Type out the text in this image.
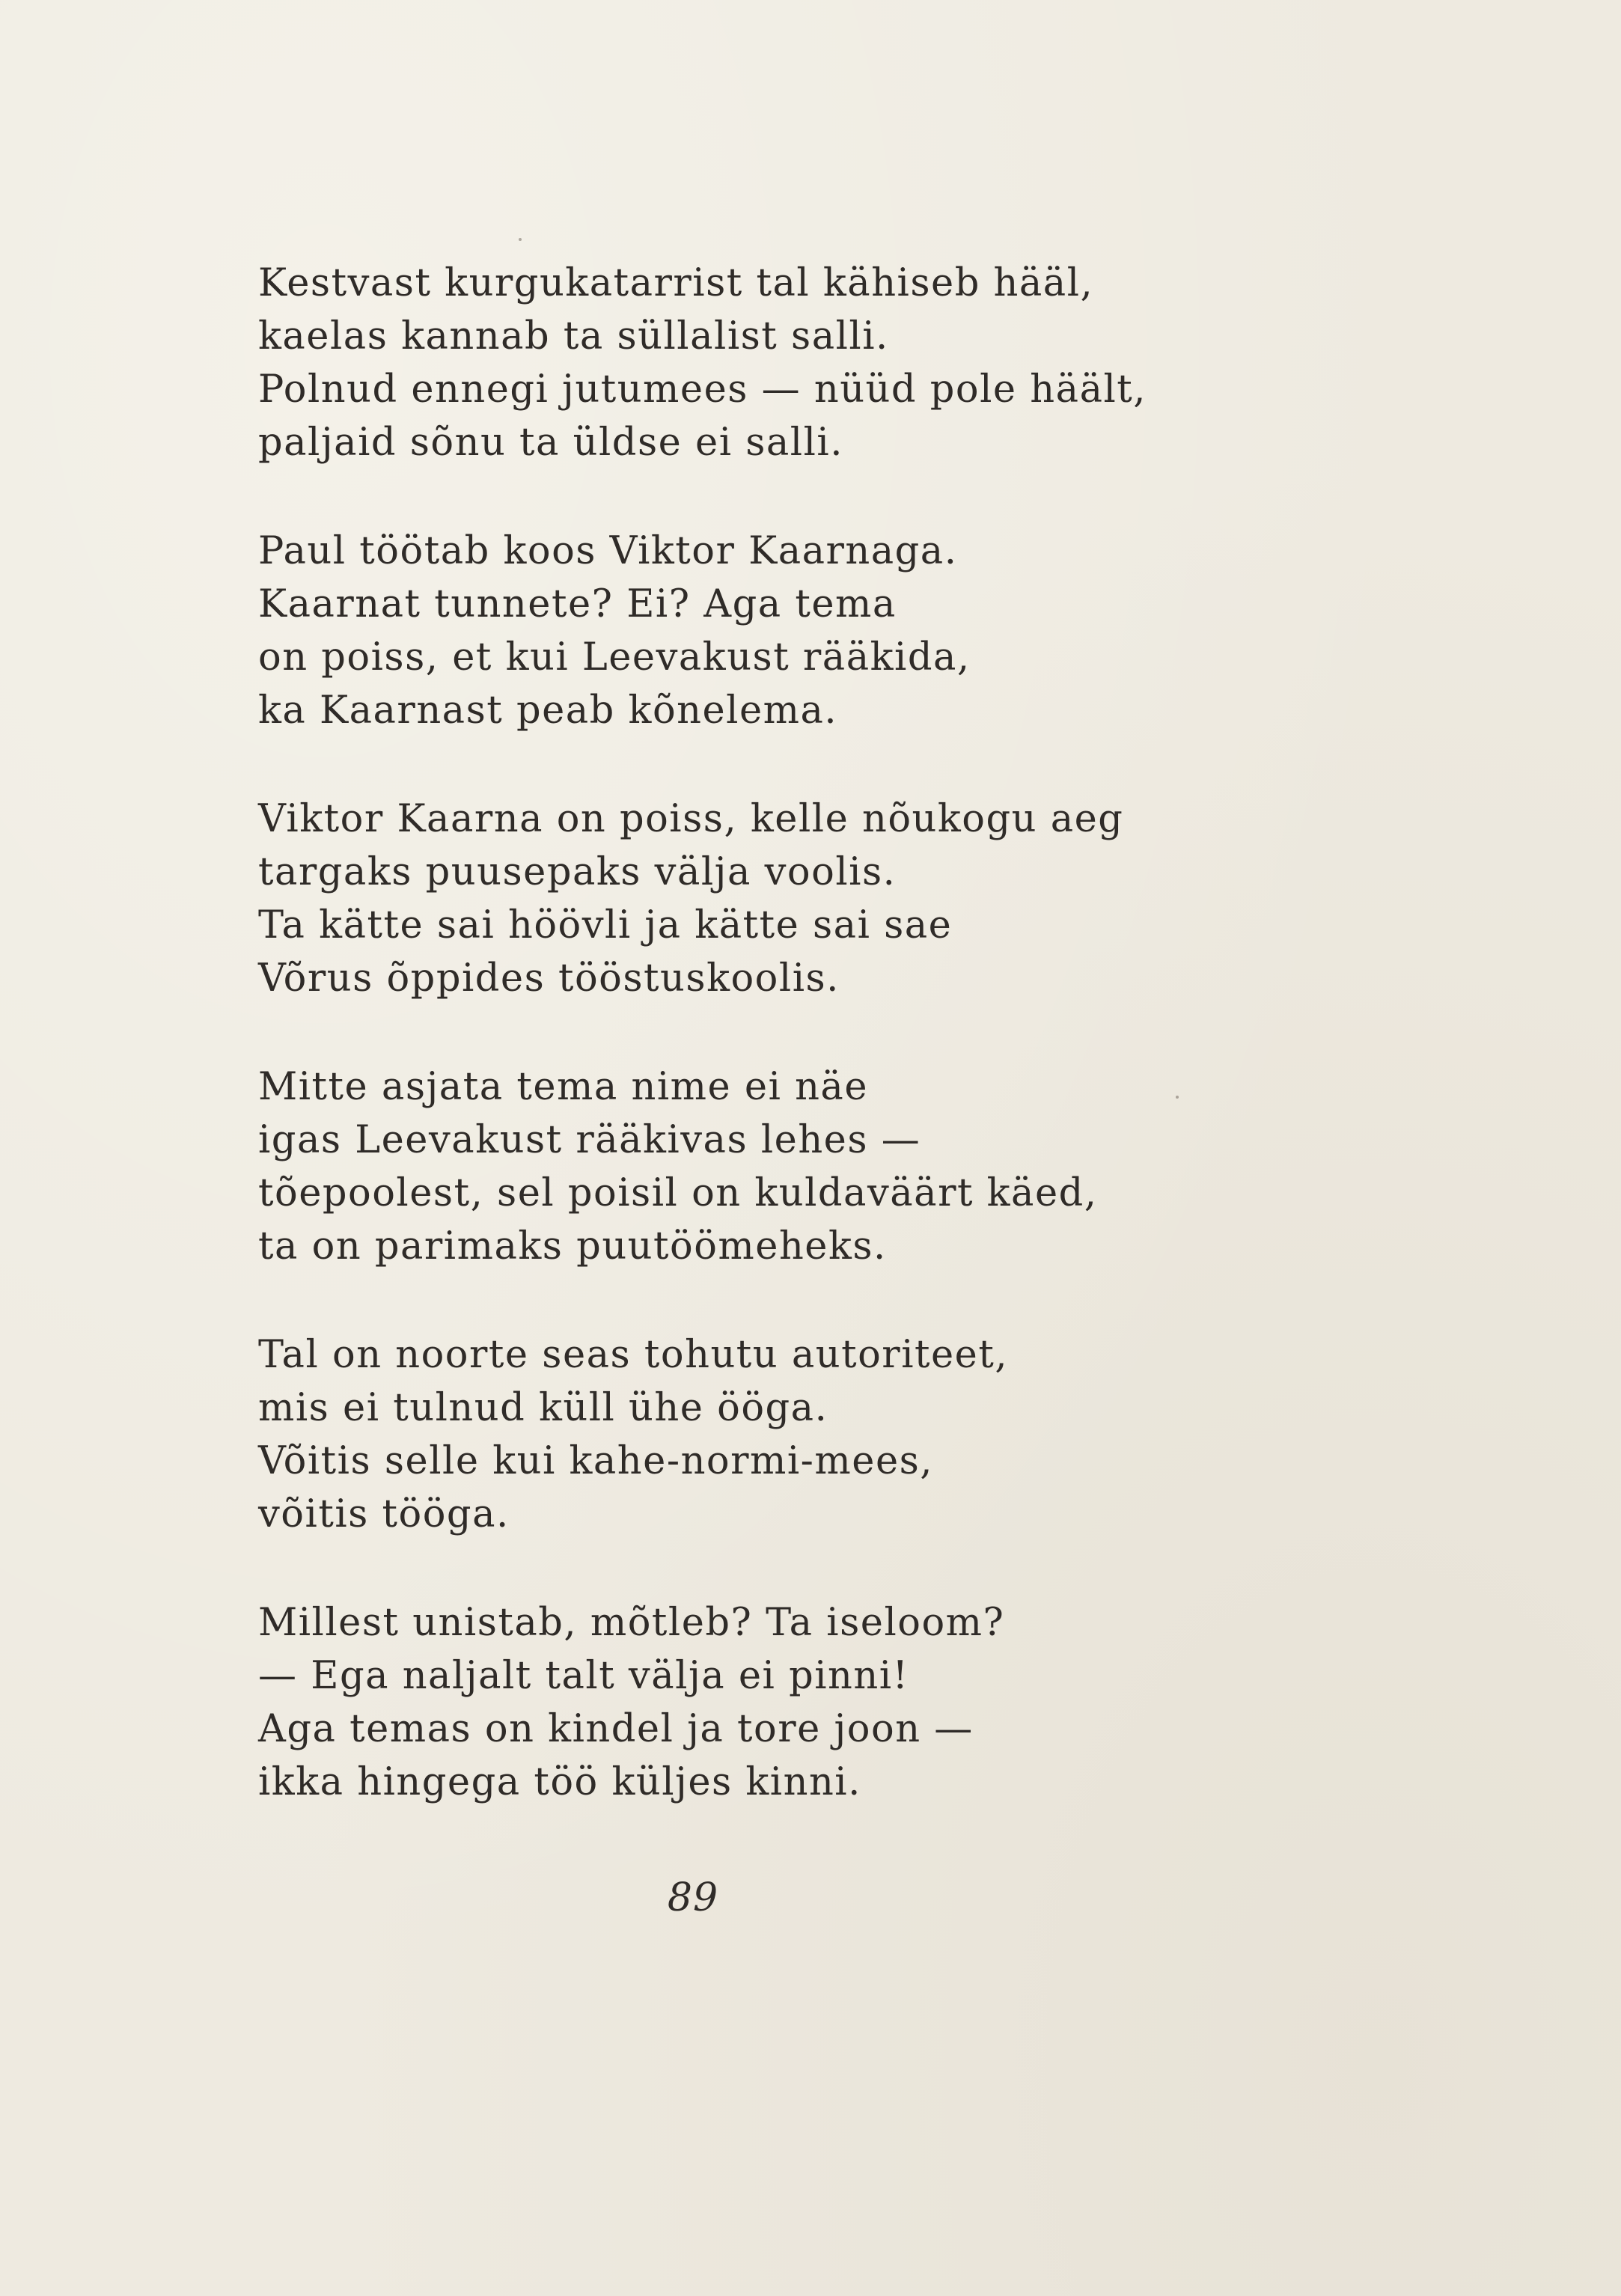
Kestvast kurgukatarrist tal kähiseb hääl,
kaelas kannab ta süllalist salli.
Polnud ennegi jutumees — nüüd pole häält,
paljaid sõnu ta üldse ei salli.
Paul töötab koos Viktor Kaarnaga.
Kaarnat tunnete? Ei? Aga tema
on poiss, et kui Leevakust rääkida,
ka Kaarnast peab kõnelema.
Viktor Kaarna on poiss, kelle nõukogu aeg
targaks puusepaks välja voolis.
Ta kätte sai höövli ja kätte sai sae
Võrus õppides tööstuskoolis.
Mitte asjata tema nime ei näe
igas Leevakust rääkivas lehes —
tõepoolest, sel poisil on kuldaväärt käed,
ta on parimaks puutöömeheks.
Tal on noorte seas tohutu autoriteet,
mis ei tulnud küll ühe ööga.
Võitis selle kui kahe-normi-mees,
võitis tööga.
Millest unistab, mõtleb? Ta iseloom?
— Ega naljalt talt välja ei pinni!
Aga temas on kindel ja tore joon —
ikka hingega töö küljes kinni.
89
